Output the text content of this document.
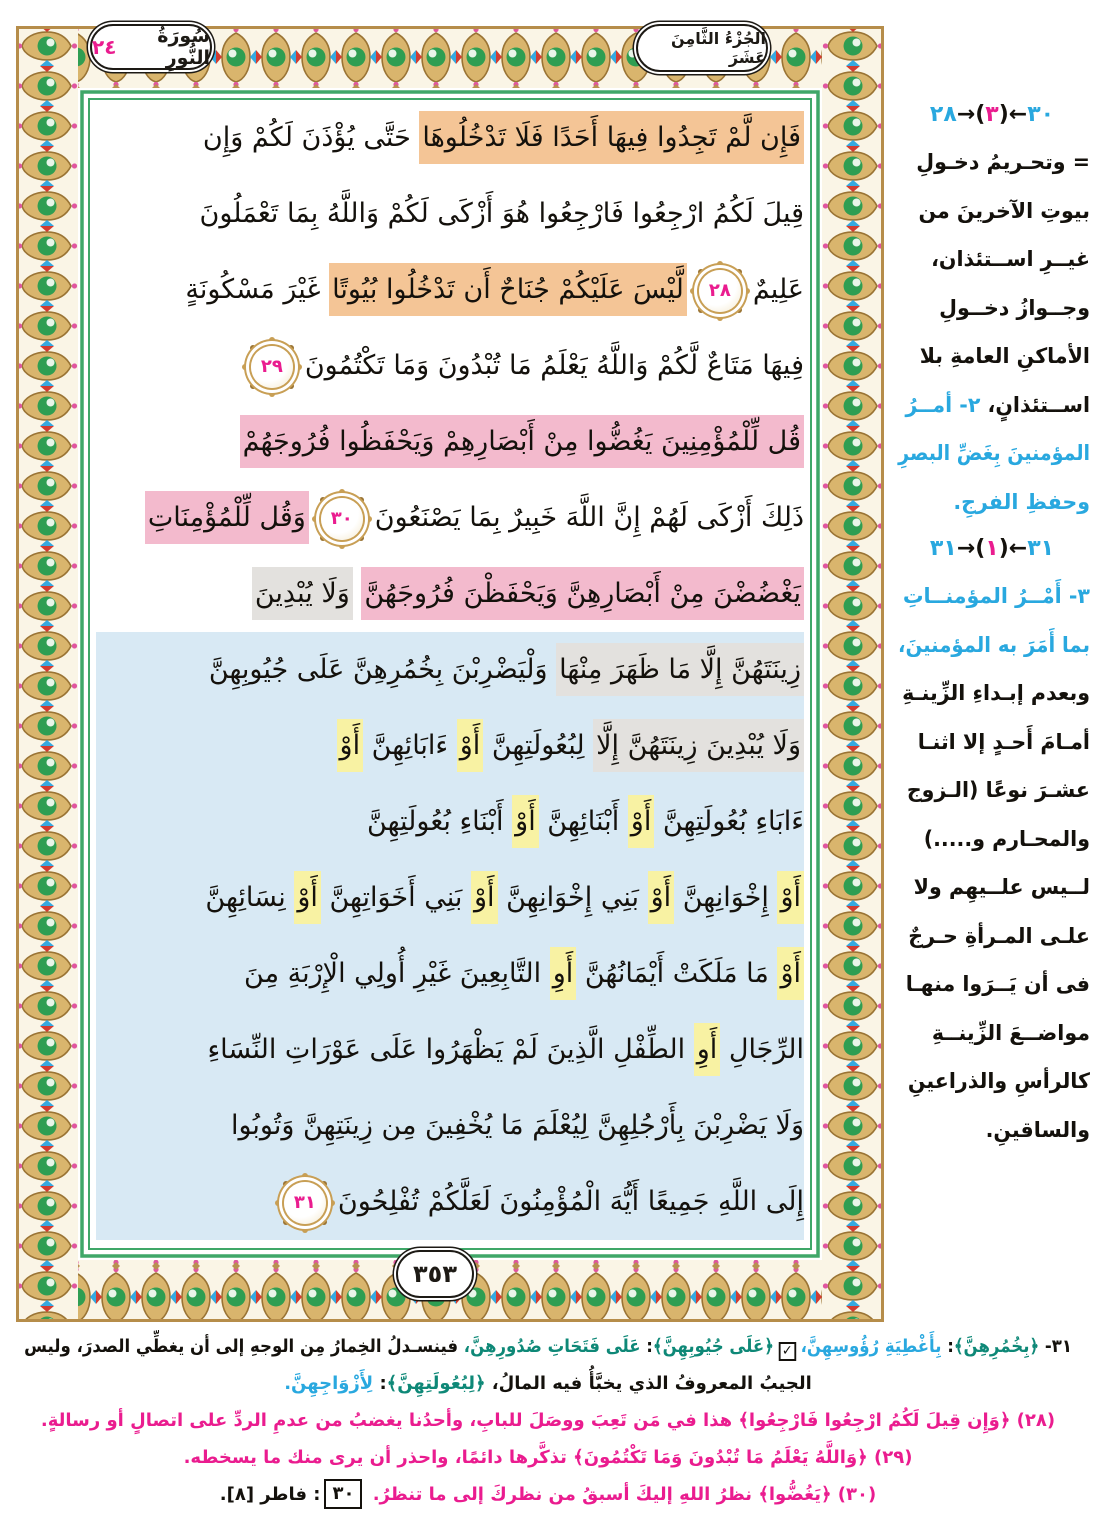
سُورَةُ النُّورِ
٢٤	الجُزْءُ الثَّامِنَ عَشَرَ
٣٥٣
فَإِن لَّمْ تَجِدُوا فِيهَا أَحَدًا فَلَا تَدْخُلُوهَا حَتَّى يُؤْذَنَ لَكُمْ وَإِن
قِيلَ لَكُمُ ارْجِعُوا فَارْجِعُوا هُوَ أَزْكَى لَكُمْ وَاللَّهُ بِمَا تَعْمَلُونَ
عَلِيمٌ٢٨لَّيْسَ عَلَيْكُمْ جُنَاحٌ أَن تَدْخُلُوا بُيُوتًا غَيْرَ مَسْكُونَةٍ
فِيهَا مَتَاعٌ لَّكُمْ وَاللَّهُ يَعْلَمُ مَا تُبْدُونَ وَمَا تَكْتُمُونَ٢٩
قُل لِّلْمُؤْمِنِينَ يَغُضُّوا مِنْ أَبْصَارِهِمْ وَيَحْفَظُوا فُرُوجَهُمْ
ذَلِكَ أَزْكَى لَهُمْ إِنَّ اللَّهَ خَبِيرٌ بِمَا يَصْنَعُونَ٣٠وَقُل لِّلْمُؤْمِنَاتِ
يَغْضُضْنَ مِنْ أَبْصَارِهِنَّ وَيَحْفَظْنَ فُرُوجَهُنَّ وَلَا يُبْدِينَ
زِينَتَهُنَّ إِلَّا مَا ظَهَرَ مِنْهَا وَلْيَضْرِبْنَ بِخُمُرِهِنَّ عَلَى جُيُوبِهِنَّ
وَلَا يُبْدِينَ زِينَتَهُنَّ إِلَّا لِبُعُولَتِهِنَّ أَوْ ءَابَائِهِنَّ أَوْ
ءَابَاءِ بُعُولَتِهِنَّ أَوْ أَبْنَائِهِنَّ أَوْ أَبْنَاءِ بُعُولَتِهِنَّ
أَوْ إِخْوَانِهِنَّ أَوْ بَنِي إِخْوَانِهِنَّ أَوْ بَنِي أَخَوَاتِهِنَّ أَوْ نِسَائِهِنَّ
أَوْ مَا مَلَكَتْ أَيْمَانُهُنَّ أَوِ التَّابِعِينَ غَيْرِ أُولِي الْإِرْبَةِ مِنَ
الرِّجَالِ أَوِ الطِّفْلِ الَّذِينَ لَمْ يَظْهَرُوا عَلَى عَوْرَاتِ النِّسَاءِ
وَلَا يَضْرِبْنَ بِأَرْجُلِهِنَّ لِيُعْلَمَ مَا يُخْفِينَ مِن زِينَتِهِنَّ وَتُوبُوا
إِلَى اللَّهِ جَمِيعًا أَيُّهَ الْمُؤْمِنُونَ لَعَلَّكُمْ تُفْلِحُونَ٣١
٣٠←(٣)→٢٨
= وتحـريمُ دخـولِ
بيوتِ الآخرينَ من
غيــرِ اســتئذان،
وجــوازُ دخــولِ
الأماكنِ العامةِ بلا
اســتئذانٍ، ٢- أمــرُ
المؤمنينَ بِغَضِّ البصرِ
وحفظِ الفرجِ.
٣١←(١)→٣١
٣- أَمْــرُ المؤمنــاتِ
بما أَمَرَ به المؤمنينَ،
وبعدم إبـداءِ الزِّينـةِ
أمـامَ أَحـدٍ إلا اثنـا
عشـرَ نوعًا (الـزوج
والمحـارم و.....)
لــيس علــيهِم ولا
علـى المـرأةِ حـرجٌ
فى أن يَــرَوا منهـا
مواضــعَ الزِّينــةِ
كالرأسِ والذراعينِ
والساقينِ.
٣١- ﴿بِخُمُرِهِنَّ﴾: بِأَغْطِيَةِ رُؤُوسِهِنَّ،✓﴿عَلَى جُيُوبِهِنَّ﴾: عَلَى فَتَحَاتِ صُدُورِهِنَّ، فينسـدلُ الخِمارُ مِن الوجهِ إلى أن يغطِّي الصدرَ، وليس
الجيبُ المعروفُ الذي يخبَّأُ فيه المالُ، ﴿لِبُعُولَتِهِنَّ﴾: لِأَزْوَاجِهِنَّ.
(٢٨) ﴿وَإِن قِيلَ لَكُمُ ارْجِعُوا فَارْجِعُوا﴾ هذا في مَن تَعِبَ ووصَلَ للبابِ، وأحدُنا يغضبُ من عدمِ الردِّ على اتصالٍ أو رسالةٍ.
(٢٩) ﴿وَاللَّهُ يَعْلَمُ مَا تُبْدُونَ وَمَا تَكْتُمُونَ﴾ تذكَّرها دائمًا، واحذر أن يرى منك ما يسخطه.
(٣٠) ﴿يَغُضُّوا﴾ نظرُ اللهِ إليكَ أسبقُ من نظركَ إلى ما تنظرُ. ٣٠: فاطر [٨].
